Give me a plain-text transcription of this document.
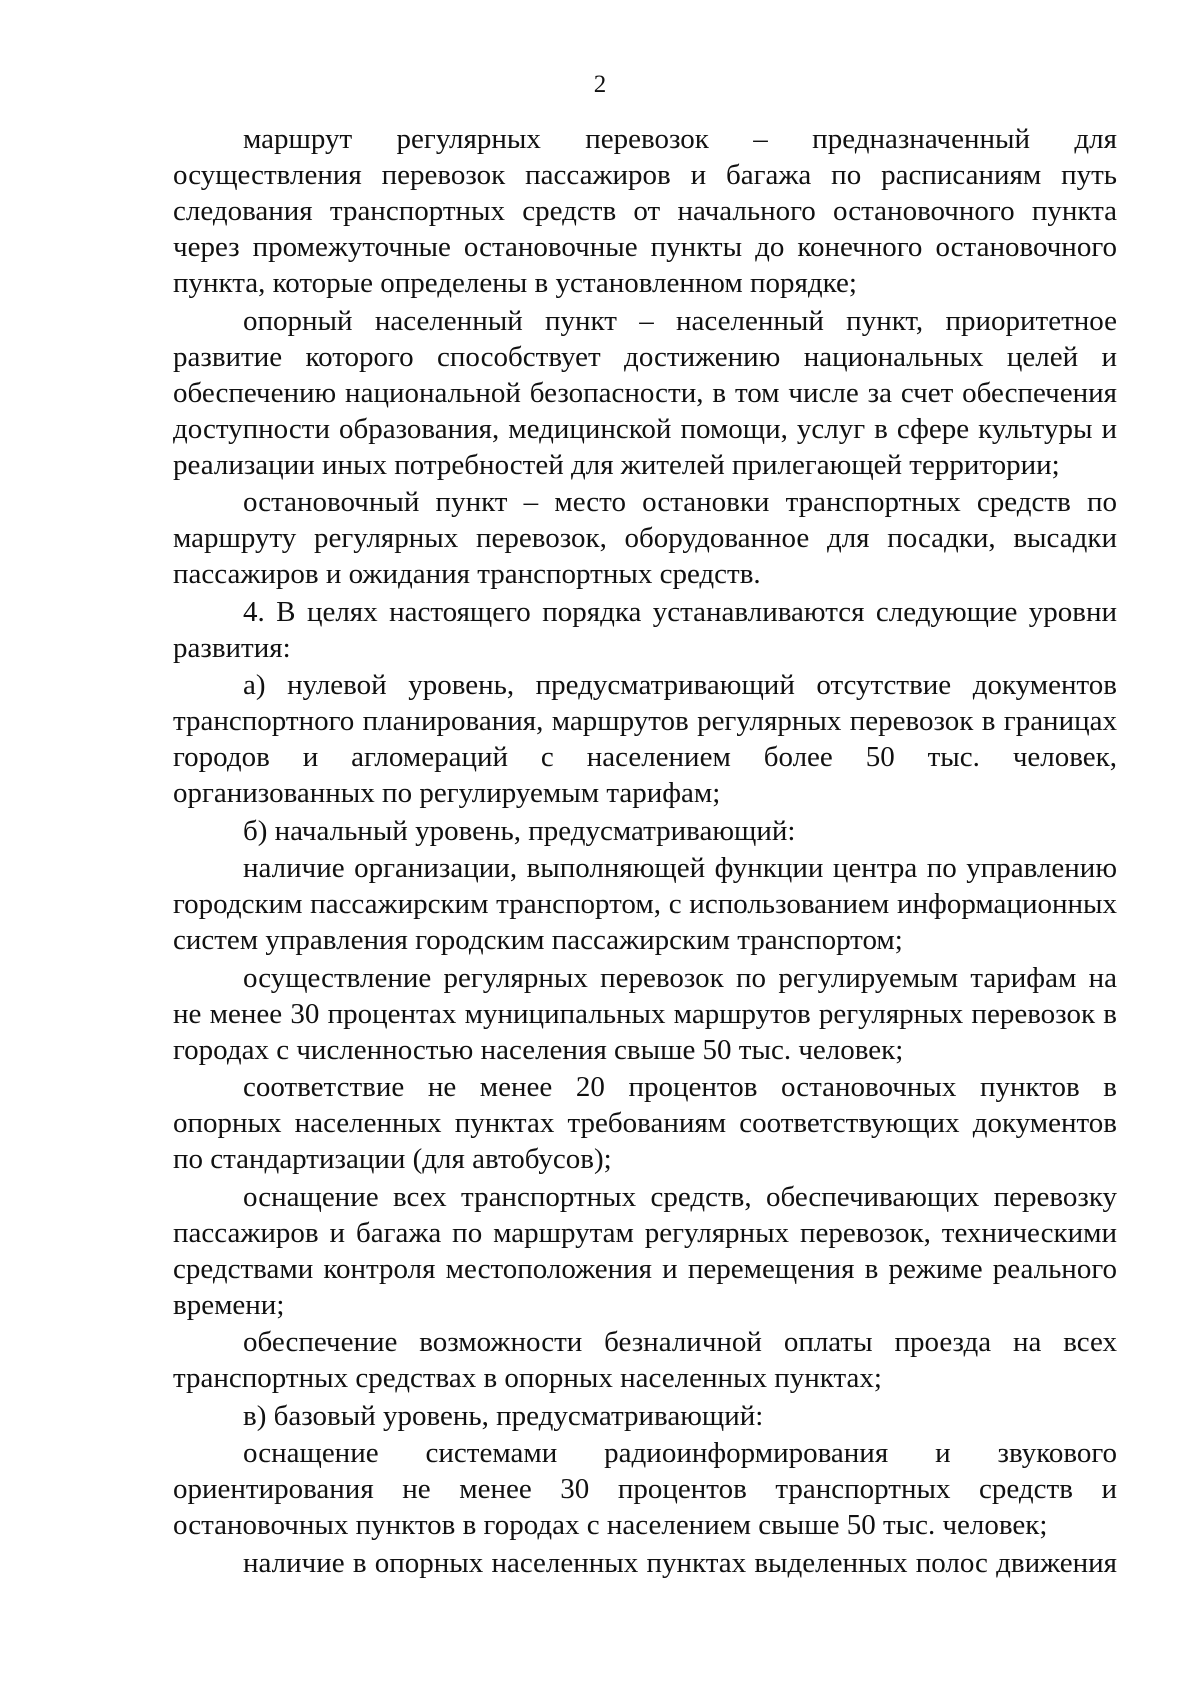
2

маршрут регулярных перевозок – предназначенный для осуществления перевозок пассажиров и багажа по расписаниям путь следования транспортных средств от начального остановочного пункта через промежуточные остановочные пункты до конечного остановочного пункта, которые определены в установленном порядке;

опорный населенный пункт – населенный пункт, приоритетное развитие которого способствует достижению национальных целей и обеспечению национальной безопасности, в том числе за счет обеспечения доступности образования, медицинской помощи, услуг в сфере культуры и реализации иных потребностей для жителей прилегающей территории;

остановочный пункт – место остановки транспортных средств по маршруту регулярных перевозок, оборудованное для посадки, высадки пассажиров и ожидания транспортных средств.

4. В целях настоящего порядка устанавливаются следующие уровни развития:

а) нулевой уровень, предусматривающий отсутствие документов транспортного планирования, маршрутов регулярных перевозок в границах городов и агломераций с населением более 50 тыс. человек, организованных по регулируемым тарифам;

б) начальный уровень, предусматривающий:

наличие организации, выполняющей функции центра по управлению городским пассажирским транспортом, с использованием информационных систем управления городским пассажирским транспортом;

осуществление регулярных перевозок по регулируемым тарифам на не менее 30 процентах муниципальных маршрутов регулярных перевозок в городах с численностью населения свыше 50 тыс. человек;

соответствие не менее 20 процентов остановочных пунктов в опорных населенных пунктах требованиям соответствующих документов по стандартизации (для автобусов);

оснащение всех транспортных средств, обеспечивающих перевозку пассажиров и багажа по маршрутам регулярных перевозок, техническими средствами контроля местоположения и перемещения в режиме реального времени;

обеспечение возможности безналичной оплаты проезда на всех транспортных средствах в опорных населенных пунктах;

в) базовый уровень, предусматривающий:

оснащение системами радиоинформирования и звукового ориентирования не менее 30 процентов транспортных средств и остановочных пунктов в городах с населением свыше 50 тыс. человек;

наличие в опорных населенных пунктах выделенных полос движения
